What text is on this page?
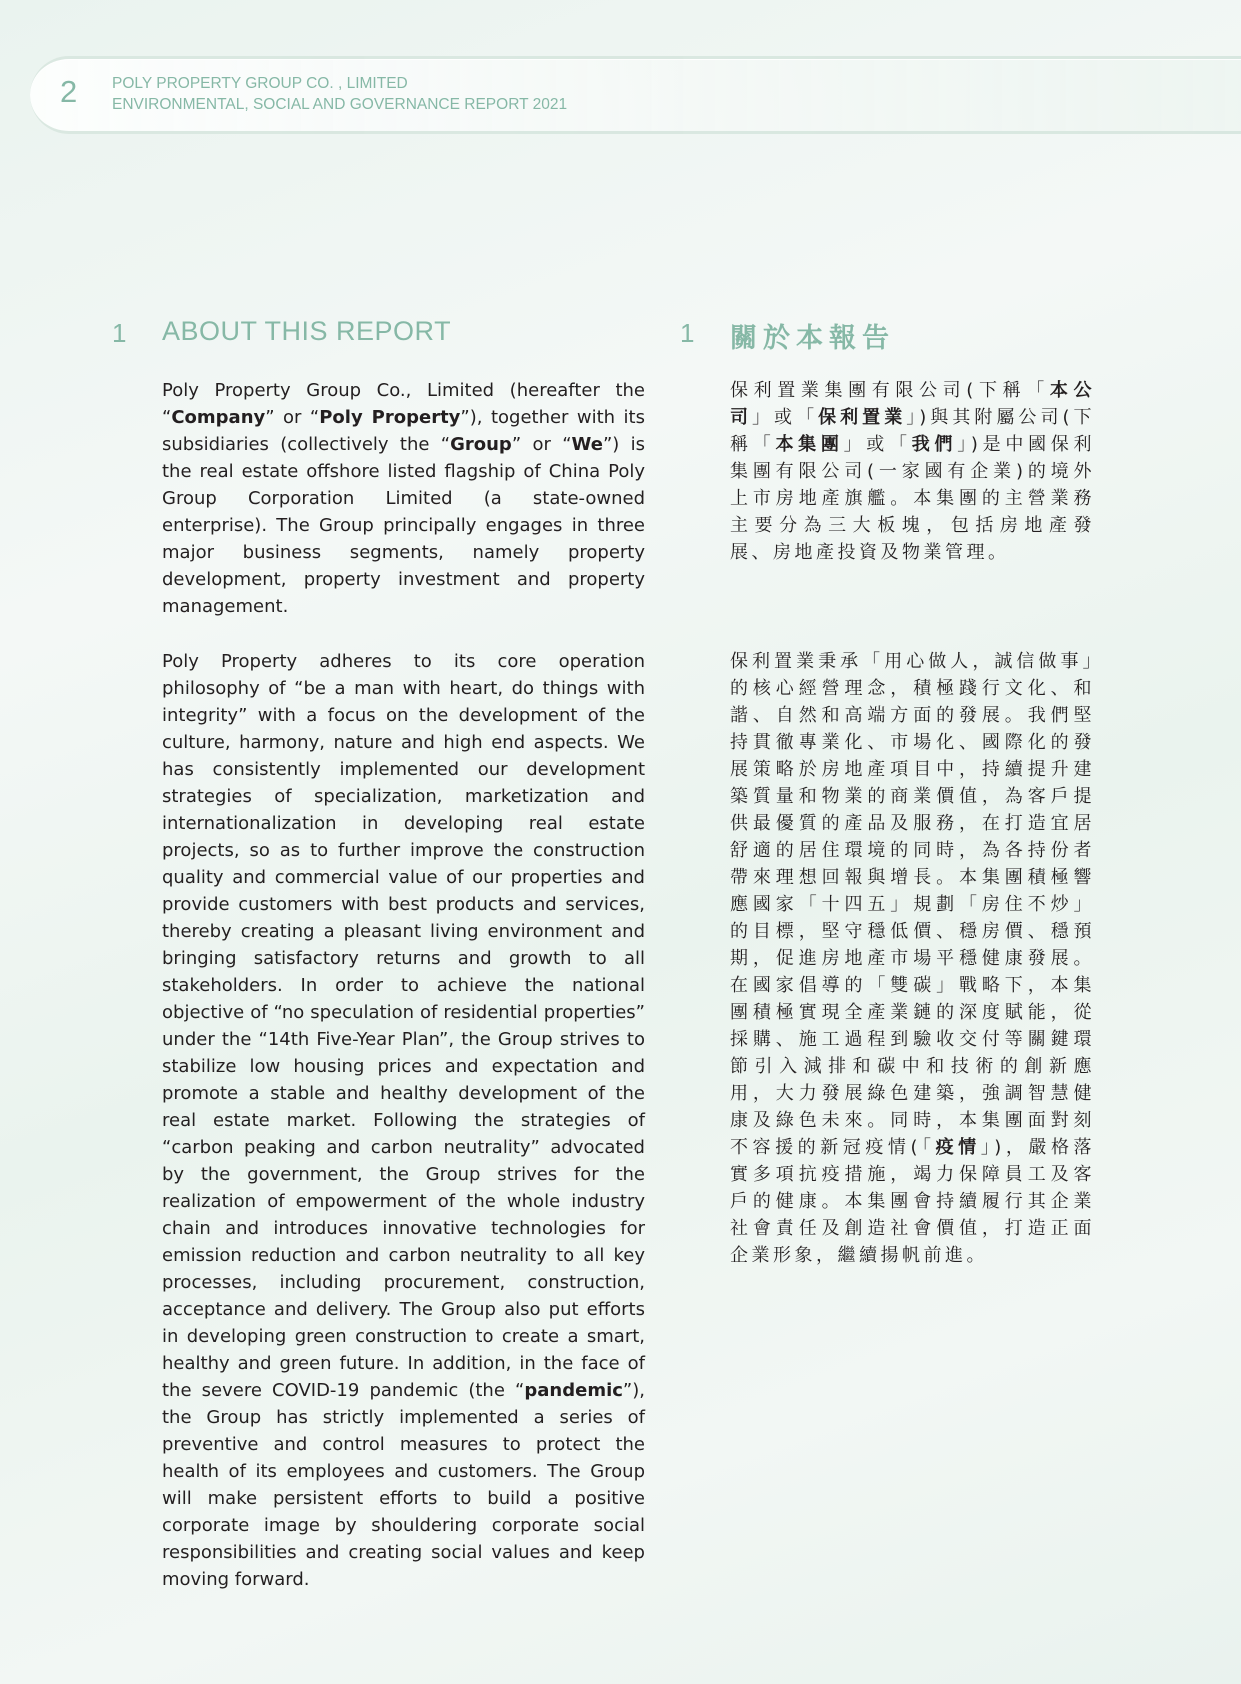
2 POLY PROPERTY GROUP CO. , LIMITED
ENVIRONMENTAL, SOCIAL AND GOVERNANCE REPORT 2021
1 ABOUT THIS REPORT

Poly Property Group Co., Limited (hereafter the “Company” or “Poly Property”), together with its subsidiaries (collectively the “Group” or “We”) is the real estate offshore listed flagship of China Poly Group Corporation Limited (a state-owned enterprise). The Group principally engages in three major business segments, namely property development, property investment and property management.

Poly Property adheres to its core operation philosophy of “be a man with heart, do things with integrity” with a focus on the development of the culture, harmony, nature and high end aspects. We has consistently implemented our development strategies of specialization, marketization and internationalization in developing real estate projects, so as to further improve the construction quality and commercial value of our properties and provide customers with best products and services, thereby creating a pleasant living environment and bringing satisfactory returns and growth to all stakeholders. In order to achieve the national objective of “no speculation of residential properties” under the “14th Five-Year Plan”, the Group strives to stabilize low housing prices and expectation and promote a stable and healthy development of the real estate market. Following the strategies of “carbon peaking and carbon neutrality” advocated by the government, the Group strives for the realization of empowerment of the whole industry chain and introduces innovative technologies for emission reduction and carbon neutrality to all key processes, including procurement, construction, acceptance and delivery. The Group also put efforts in developing green construction to create a smart, healthy and green future. In addition, in the face of the severe COVID-19 pandemic (the “pandemic”), the Group has strictly implemented a series of preventive and control measures to protect the health of its employees and customers. The Group will make persistent efforts to build a positive corporate image by shouldering corporate social responsibilities and creating social values and keep moving forward.

1 關於本報告

保利置業集團有限公司(下稱「本公司」或「保利置業」)與其附屬公司(下稱「本集團」或「我們」)是中國保利集團有限公司(一家國有企業)的境外上市房地產旗艦。本集團的主營業務主要分為三大板塊，包括房地產發展、房地產投資及物業管理。

保利置業秉承「用心做人，誠信做事」的核心經營理念，積極踐行文化、和諧、自然和高端方面的發展。我們堅持貫徹專業化、市場化、國際化的發展策略於房地產項目中，持續提升建築質量和物業的商業價值，為客戶提供最優質的產品及服務，在打造宜居舒適的居住環境的同時，為各持份者帶來理想回報與增長。本集團積極響應國家「十四五」規劃「房住不炒」的目標，堅守穩低價、穩房價、穩預期，促進房地產市場平穩健康發展。在國家倡導的「雙碳」戰略下，本集團積極實現全產業鏈的深度賦能，從採購、施工過程到驗收交付等關鍵環節引入減排和碳中和技術的創新應用，大力發展綠色建築，強調智慧健康及綠色未來。同時，本集團面對刻不容援的新冠疫情(「疫情」)，嚴格落實多項抗疫措施，竭力保障員工及客戶的健康。本集團會持續履行其企業社會責任及創造社會價值，打造正面企業形象，繼續揚帆前進。
